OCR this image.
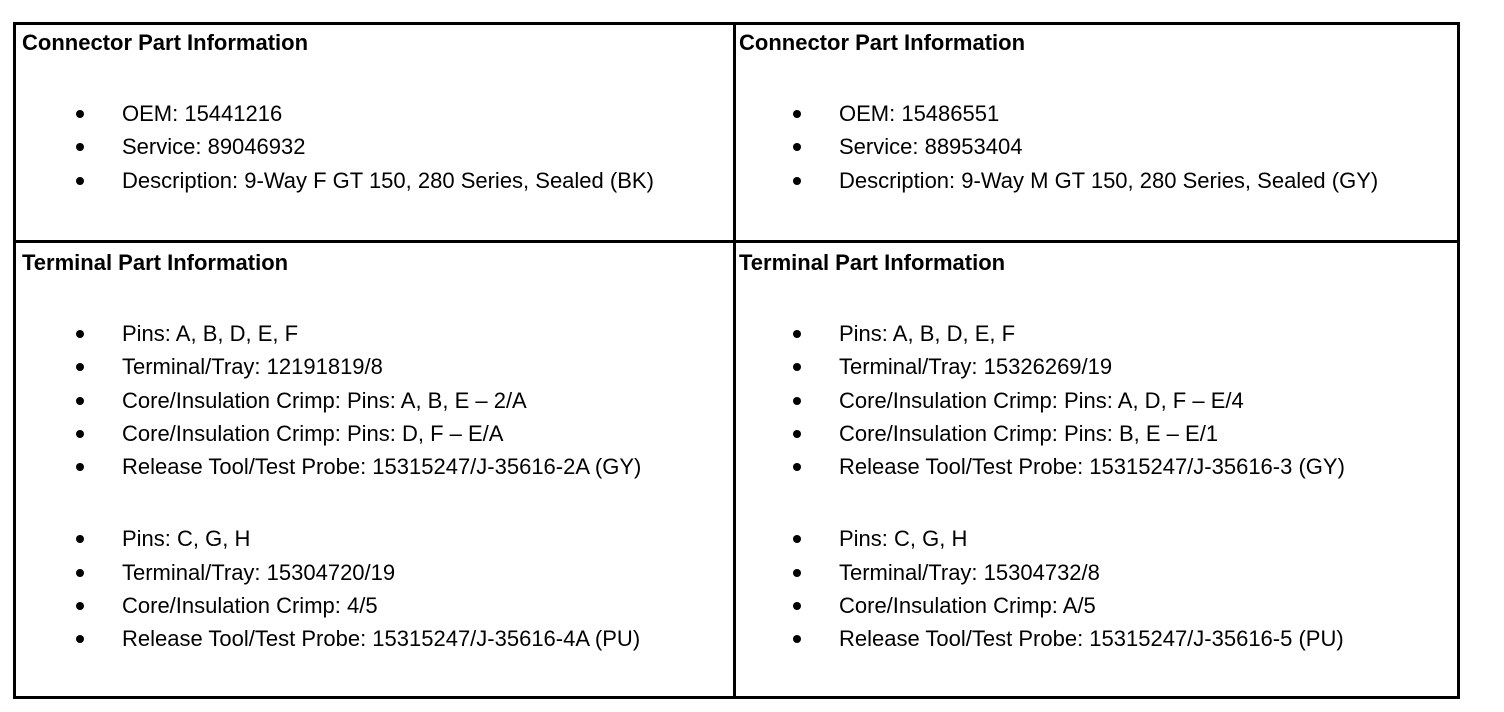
Connector Part Information

OEM: 15441216
Service: 89046932
Description: 9-Way F GT 150, 280 Series, Sealed (BK)

Connector Part Information

OEM: 15486551
Service: 88953404
Description: 9-Way M GT 150, 280 Series, Sealed (GY)

Terminal Part Information

Pins: A, B, D, E, F
Terminal/Tray: 12191819/8
Core/Insulation Crimp: Pins: A, B, E – 2/A
Core/Insulation Crimp: Pins: D, F – E/A
Release Tool/Test Probe: 15315247/J-35616-2A (GY)
Pins: C, G, H
Terminal/Tray: 15304720/19
Core/Insulation Crimp: 4/5
Release Tool/Test Probe: 15315247/J-35616-4A (PU)

Terminal Part Information

Pins: A, B, D, E, F
Terminal/Tray: 15326269/19
Core/Insulation Crimp: Pins: A, D, F – E/4
Core/Insulation Crimp: Pins: B, E – E/1
Release Tool/Test Probe: 15315247/J-35616-3 (GY)
Pins: C, G, H
Terminal/Tray: 15304732/8
Core/Insulation Crimp: A/5
Release Tool/Test Probe: 15315247/J-35616-5 (PU)
